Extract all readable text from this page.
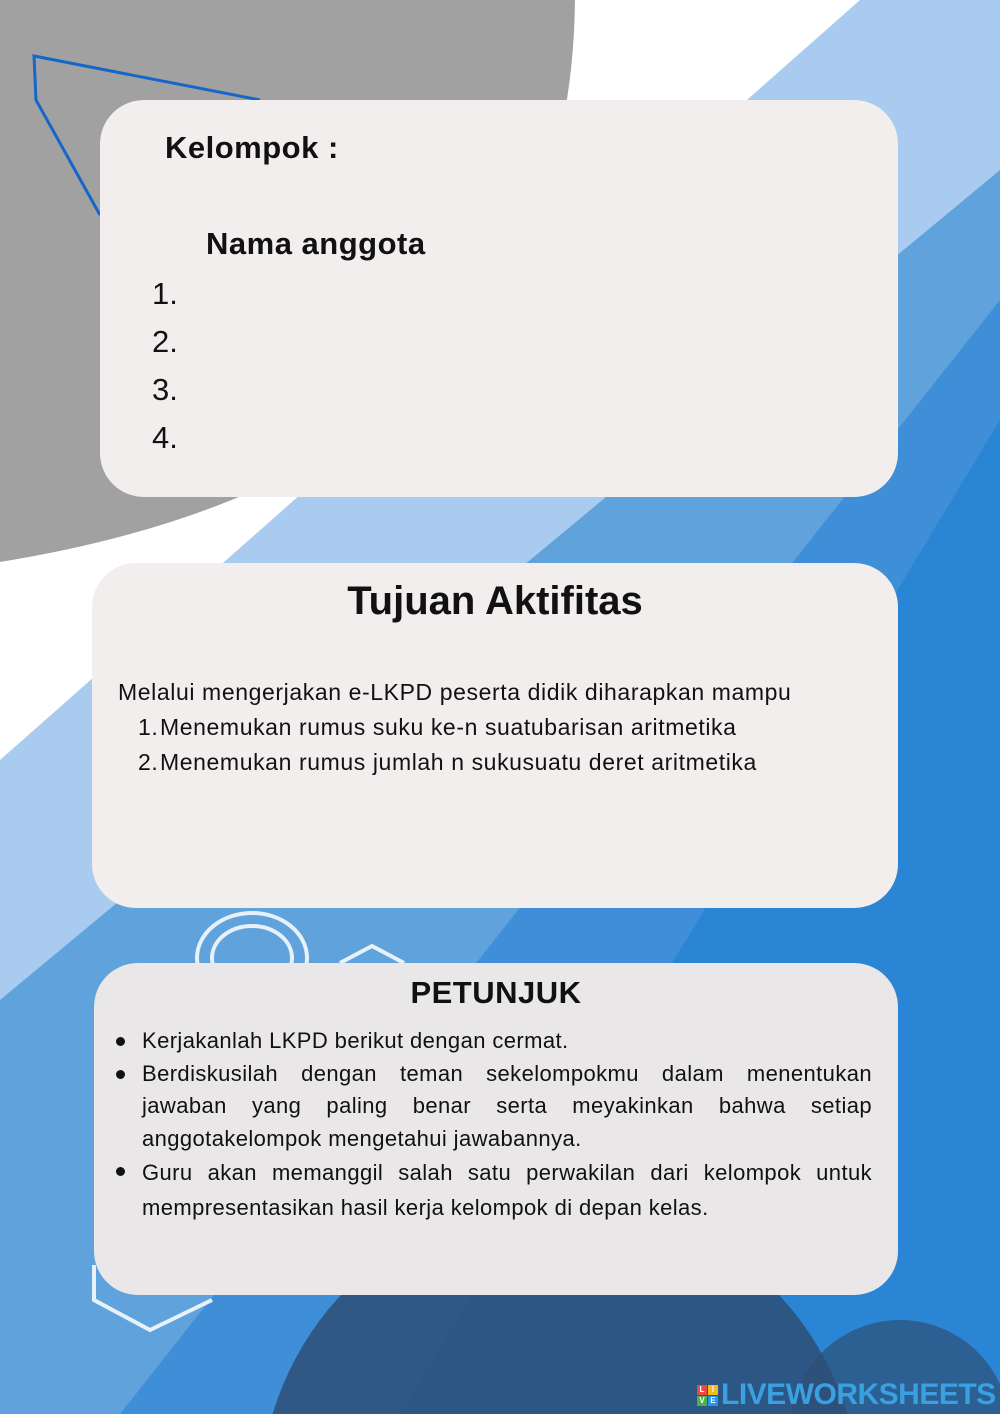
Kelompok :
Nama anggota
1.
2.
3.
4.
Tujuan Aktifitas
Melalui mengerjakan e-LKPD peserta didik diharapkan mampu
1. Menemukan rumus suku ke-n suatubarisan aritmetika
2. Menemukan rumus jumlah n sukusuatu deret aritmetika
PETUNJUK
Kerjakanlah LKPD berikut dengan cermat.
Berdiskusilah dengan teman sekelompokmu dalam menentukan jawaban yang paling benar serta meyakinkan bahwa setiap anggotakelompok mengetahui jawabannya.
Guru akan memanggil salah satu perwakilan dari kelompok untuk mempresentasikan hasil kerja kelompok di depan kelas.
L I
V E LIVEWORKSHEETS
